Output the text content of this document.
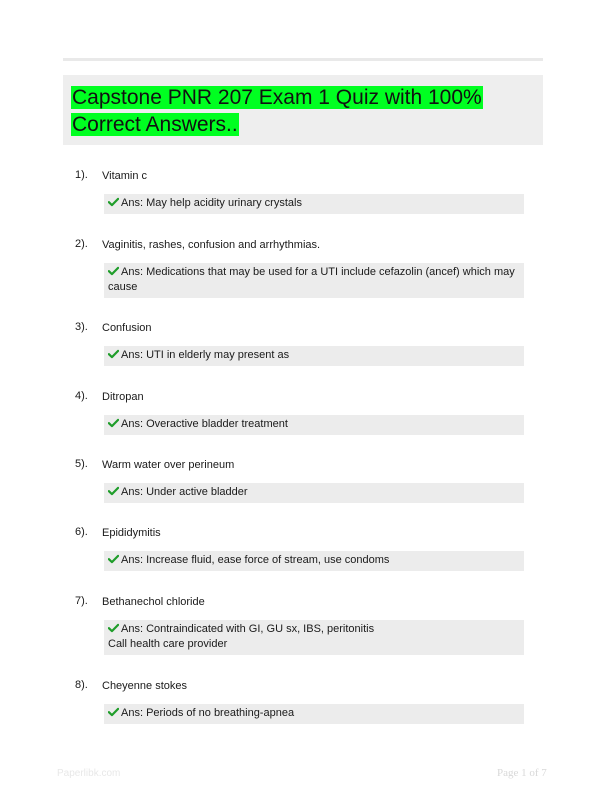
Capstone PNR 207 Exam 1 Quiz with 100%
Correct Answers..
1). Vitamin c
Ans: May help acidity urinary crystals
2). Vaginitis, rashes, confusion and arrhythmias.
Ans: Medications that may be used for a UTI include cefazolin (ancef) which may
cause
3). Confusion
Ans: UTI in elderly may present as
4). Ditropan
Ans: Overactive bladder treatment
5). Warm water over perineum
Ans: Under active bladder
6). Epididymitis
Ans: Increase fluid, ease force of stream, use condoms
7). Bethanechol chloride
Ans: Contraindicated with GI, GU sx, IBS, peritonitis
Call health care provider
8). Cheyenne stokes
Ans: Periods of no breathing-apnea
Paperlibk.com	Page 1 of 7
